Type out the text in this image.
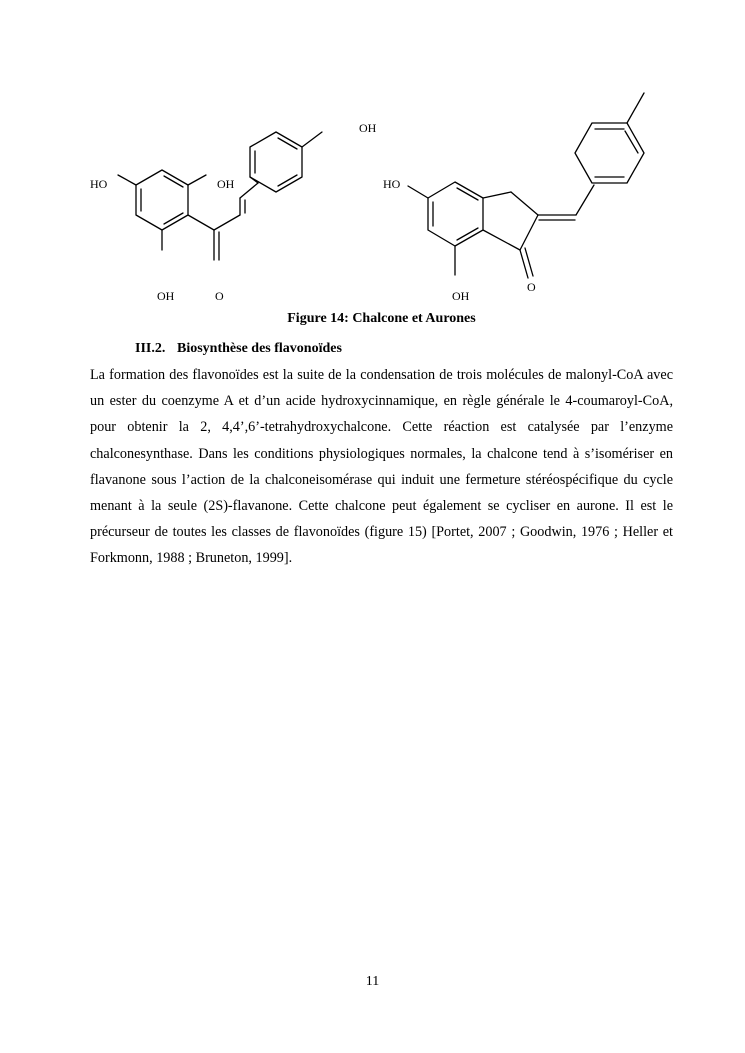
OH
HO	OH
OH	O
HO
OH
O
Figure 14: Chalcone et Aurones
III.2. Biosynthèse des flavonoïdes

La formation des flavonoïdes est la suite de la condensation de trois molécules de malonyl-CoA avec un ester du coenzyme A et d’un acide hydroxycinnamique, en règle générale le 4-coumaroyl-CoA, pour obtenir la 2, 4,4’,6’-tetrahydroxychalcone. Cette réaction est catalysée par l’enzyme chalconesynthase. Dans les conditions physiologiques normales, la chalcone tend à s’isomériser en flavanone sous l’action de la chalconeisomérase qui induit une fermeture stéréospécifique du cycle menant à la seule (2S)-flavanone. Cette chalcone peut également se cycliser en aurone. Il est le précurseur de toutes les classes de flavonoïdes (figure 15) [Portet, 2007 ; Goodwin, 1976 ; Heller et Forkmonn, 1988 ; Bruneton, 1999].

11
